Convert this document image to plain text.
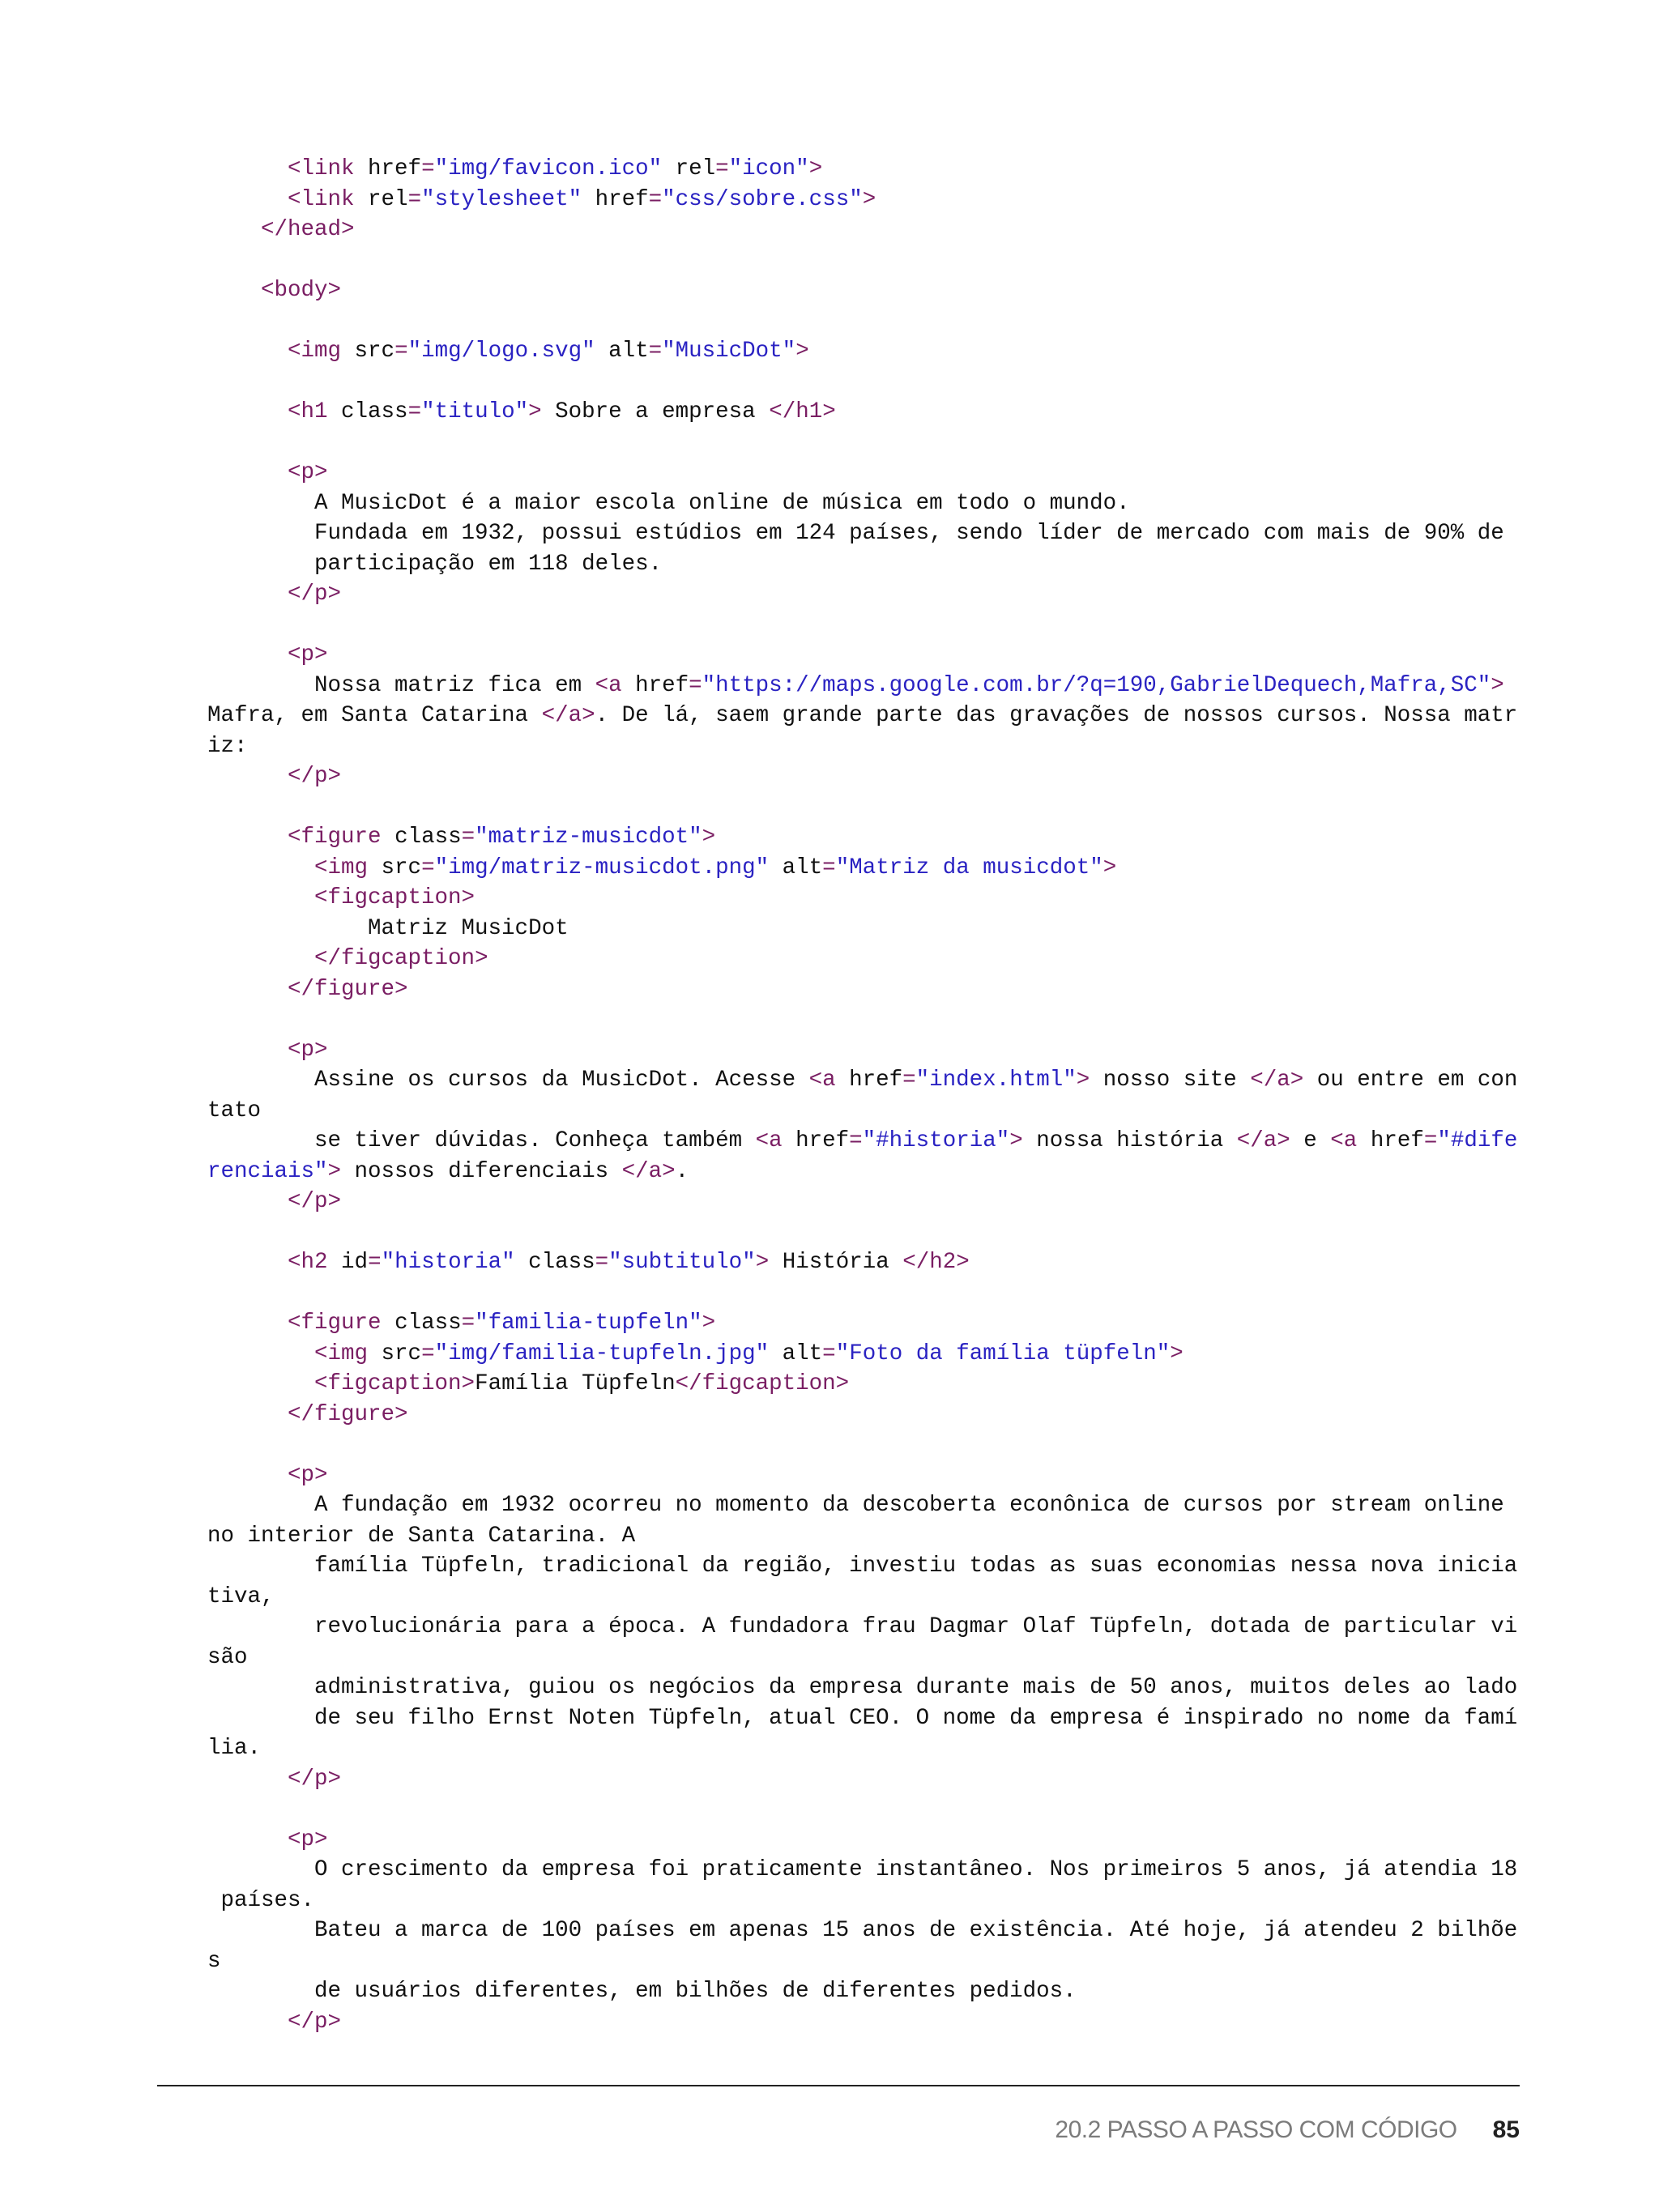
<link href="img/favicon.ico" rel="icon">
<link rel="stylesheet" href="css/sobre.css">
</head>
<body>
<img src="img/logo.svg" alt="MusicDot">
<h1 class="titulo"> Sobre a empresa </h1>
<p>
A MusicDot é a maior escola online de música em todo o mundo.
Fundada em 1932, possui estúdios em 124 países, sendo líder de mercado com mais de 90% de
participação em 118 deles.
</p>
<p>
Nossa matriz fica em <a href="https://maps.google.com.br/?q=190,GabrielDequech,Mafra,SC">
Mafra, em Santa Catarina </a>. De lá, saem grande parte das gravações de nossos cursos. Nossa matr
iz:
</p>
<figure class="matriz-musicdot">
<img src="img/matriz-musicdot.png" alt="Matriz da musicdot">
<figcaption>
Matriz MusicDot
</figcaption>
</figure>
<p>
Assine os cursos da MusicDot. Acesse <a href="index.html"> nosso site </a> ou entre em con
tato
se tiver dúvidas. Conheça também <a href="#historia"> nossa história </a> e <a href="#dife
renciais"> nossos diferenciais </a>.
</p>
<h2 id="historia" class="subtitulo"> História </h2>
<figure class="familia-tupfeln">
<img src="img/familia-tupfeln.jpg" alt="Foto da família tüpfeln">
<figcaption>Família Tüpfeln</figcaption>
</figure>
<p>
A fundação em 1932 ocorreu no momento da descoberta econônica de cursos por stream online
no interior de Santa Catarina. A
família Tüpfeln, tradicional da região, investiu todas as suas economias nessa nova inicia
tiva,
revolucionária para a época. A fundadora frau Dagmar Olaf Tüpfeln, dotada de particular vi
são
administrativa, guiou os negócios da empresa durante mais de 50 anos, muitos deles ao lado
de seu filho Ernst Noten Tüpfeln, atual CEO. O nome da empresa é inspirado no nome da famí
lia.
</p>
<p>
O crescimento da empresa foi praticamente instantâneo. Nos primeiros 5 anos, já atendia 18
países.
Bateu a marca de 100 países em apenas 15 anos de existência. Até hoje, já atendeu 2 bilhõe
s
de usuários diferentes, em bilhões de diferentes pedidos.
</p>
20.2 PASSO A PASSO COM CÓDIGO 85
